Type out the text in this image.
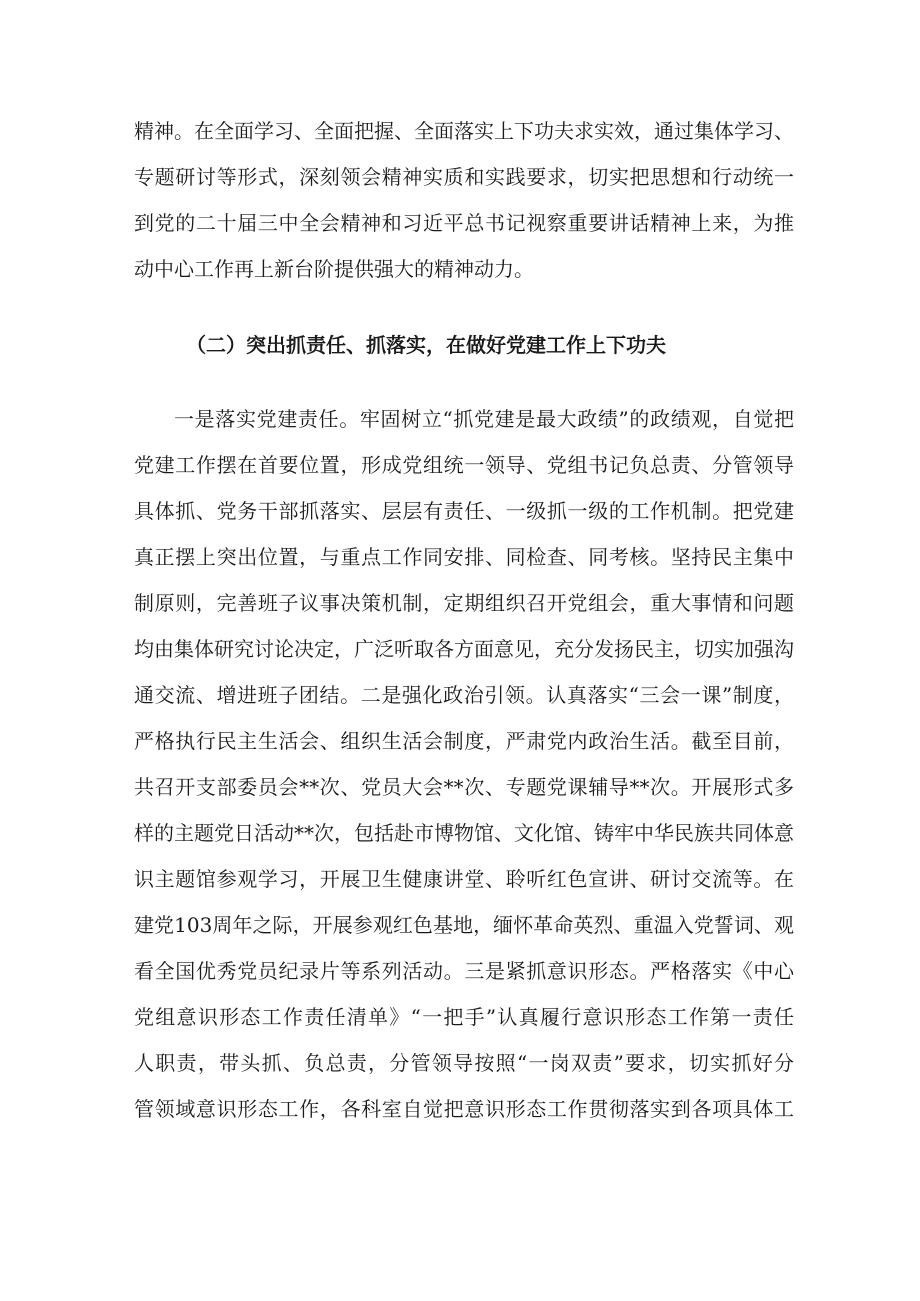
精神。在全面学习、全面把握、全面落实上下功夫求实效，通过集体学习、
专题研讨等形式，深刻领会精神实质和实践要求，切实把思想和行动统一
到党的二十届三中全会精神和习近平总书记视察重要讲话精神上来，为推
动中心工作再上新台阶提供强大的精神动力。
（二）突出抓责任、抓落实，在做好党建工作上下功夫
一是落实党建责任。牢固树立“抓党建是最大政绩”的政绩观，自觉把
党建工作摆在首要位置，形成党组统一领导、党组书记负总责、分管领导
具体抓、党务干部抓落实、层层有责任、一级抓一级的工作机制。把党建
真正摆上突出位置，与重点工作同安排、同检查、同考核。坚持民主集中
制原则，完善班子议事决策机制，定期组织召开党组会，重大事情和问题
均由集体研究讨论决定，广泛听取各方面意见，充分发扬民主，切实加强沟
通交流、增进班子团结。二是强化政治引领。认真落实“三会一课”制度，
严格执行民主生活会、组织生活会制度，严肃党内政治生活。截至目前，
共召开支部委员会**次、党员大会**次、专题党课辅导**次。开展形式多
样的主题党日活动**次，包括赴市博物馆、文化馆、铸牢中华民族共同体意
识主题馆参观学习，开展卫生健康讲堂、聆听红色宣讲、研讨交流等。在
建党103周年之际，开展参观红色基地，缅怀革命英烈、重温入党誓词、观
看全国优秀党员纪录片等系列活动。三是紧抓意识形态。严格落实《中心
党组意识形态工作责任清单》“一把手”认真履行意识形态工作第一责任
人职责，带头抓、负总责，分管领导按照“一岗双责”要求，切实抓好分
管领域意识形态工作，各科室自觉把意识形态工作贯彻落实到各项具体工
